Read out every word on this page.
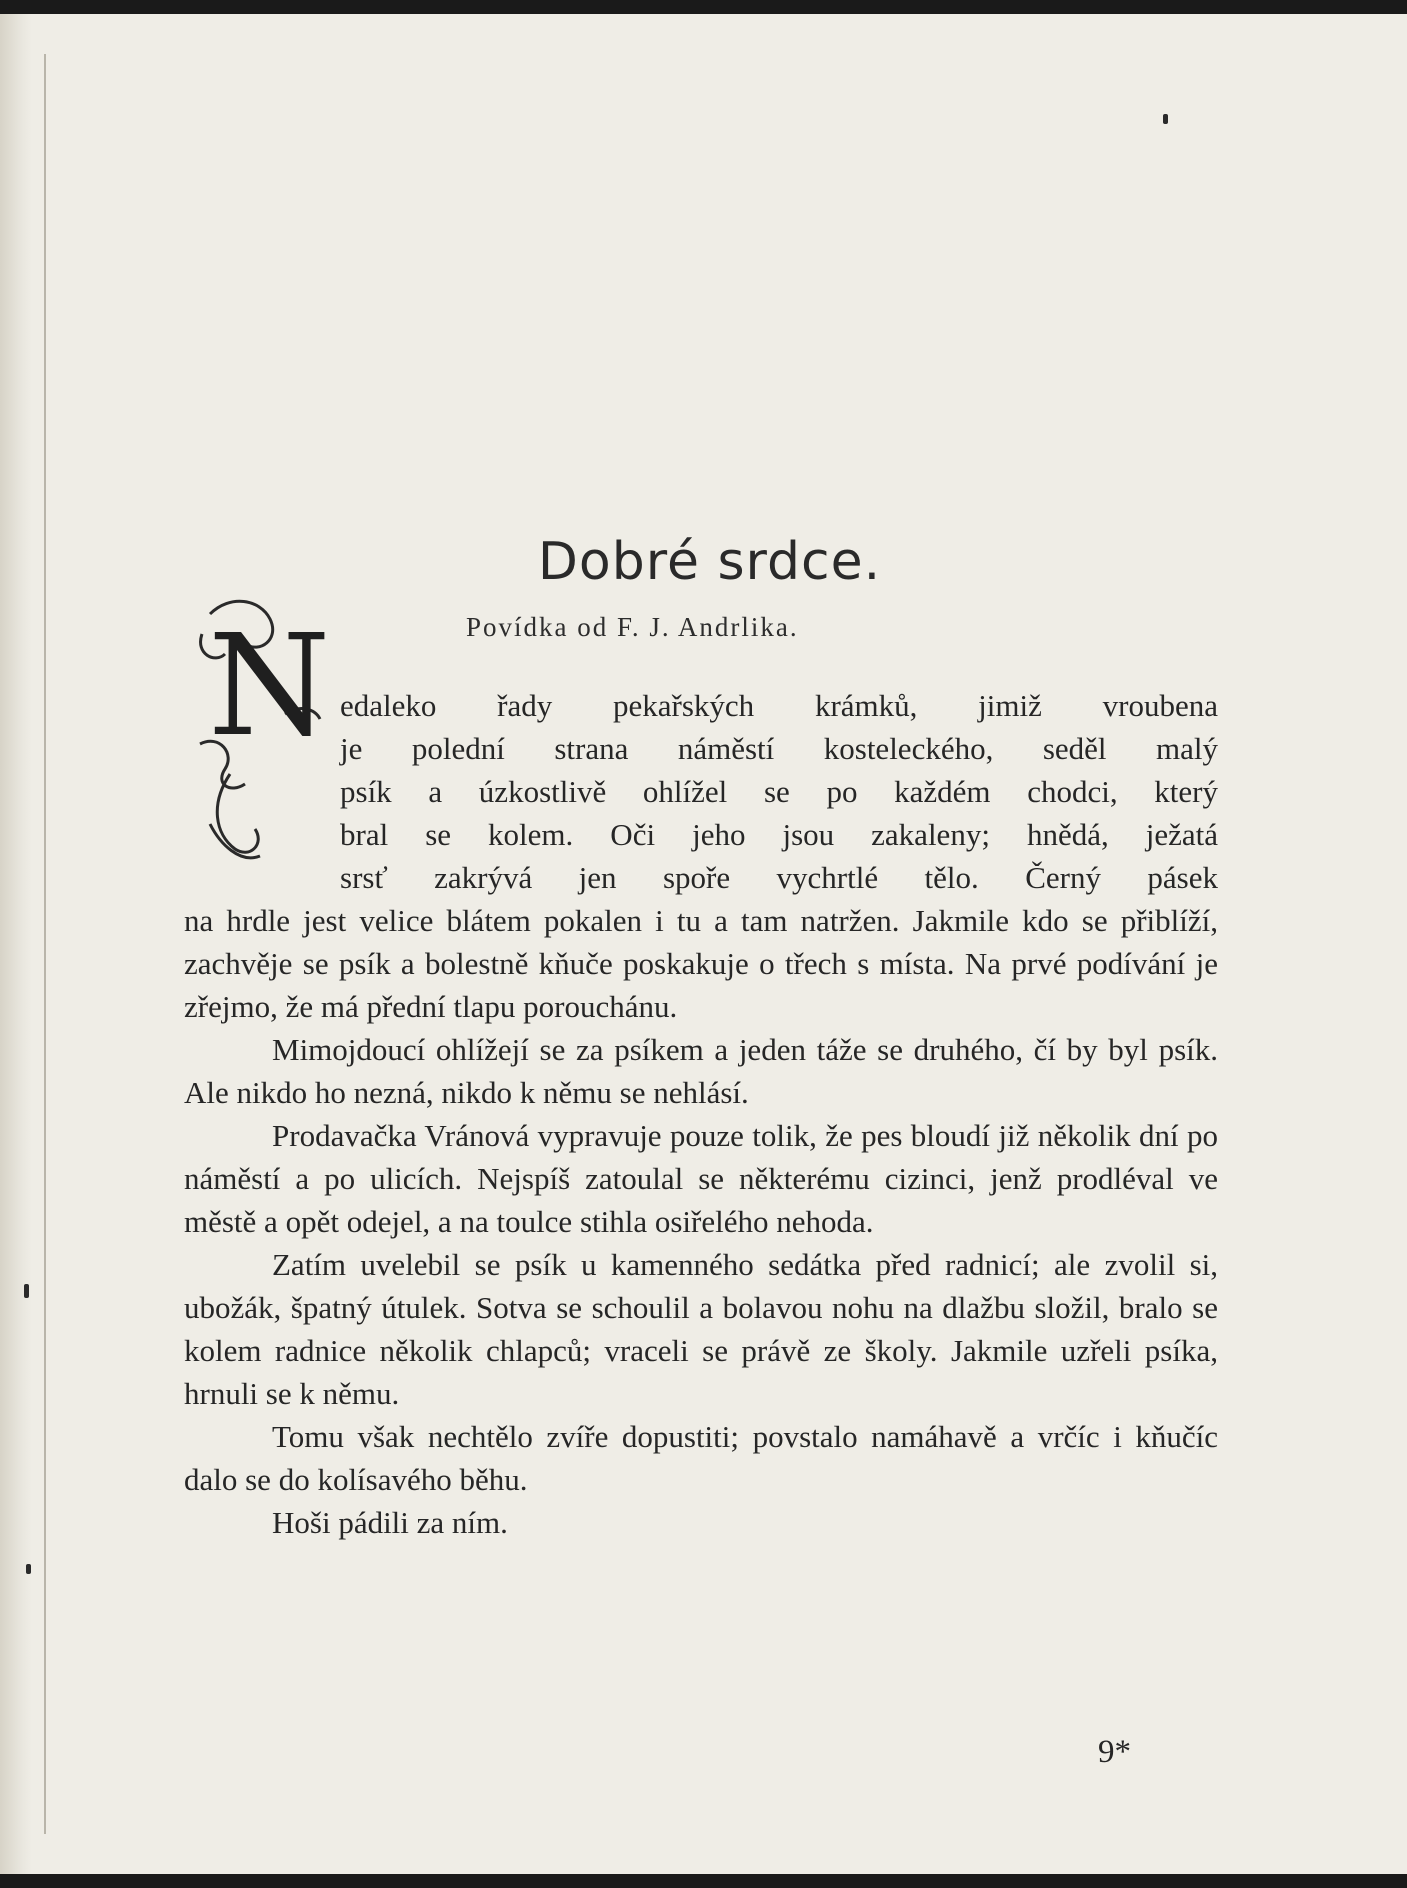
Dobré srdce.
Povídka od F. J. Andrlika.
N edaleko řady pekařských krámků, jimiž vroubena
je polední strana náměstí kosteleckého, seděl malý
psík a úzkostlivě ohlížel se po každém chodci, který
bral se kolem. Oči jeho jsou zakaleny; hnědá, ježatá
srsť zakrývá jen spoře vychrtlé tělo. Černý pásek

na hrdle jest velice blátem pokalen i tu a tam natržen. Jakmile kdo se přiblíží, zachvěje se psík a bolestně kňuče poskakuje o třech s místa. Na prvé podívání je zřejmo, že má přední tlapu porouchánu.

Mimojdoucí ohlížejí se za psíkem a jeden táže se druhého, čí by byl psík. Ale nikdo ho nezná, nikdo k němu se nehlásí.

Prodavačka Vránová vypravuje pouze tolik, že pes bloudí již několik dní po náměstí a po ulicích. Nejspíš zatoulal se některému cizinci, jenž prodléval ve městě a opět odejel, a na toulce stihla osiřelého nehoda.

Zatím uvelebil se psík u kamenného sedátka před radnicí; ale zvolil si, ubožák, špatný útulek. Sotva se schoulil a bolavou nohu na dlažbu složil, bralo se kolem radnice několik chlapců; vraceli se právě ze školy. Jakmile uzřeli psíka, hrnuli se k němu.

Tomu však nechtělo zvíře dopustiti; povstalo namáhavě a vrčíc i kňučíc dalo se do kolísavého běhu.

Hoši pádili za ním.

9*
